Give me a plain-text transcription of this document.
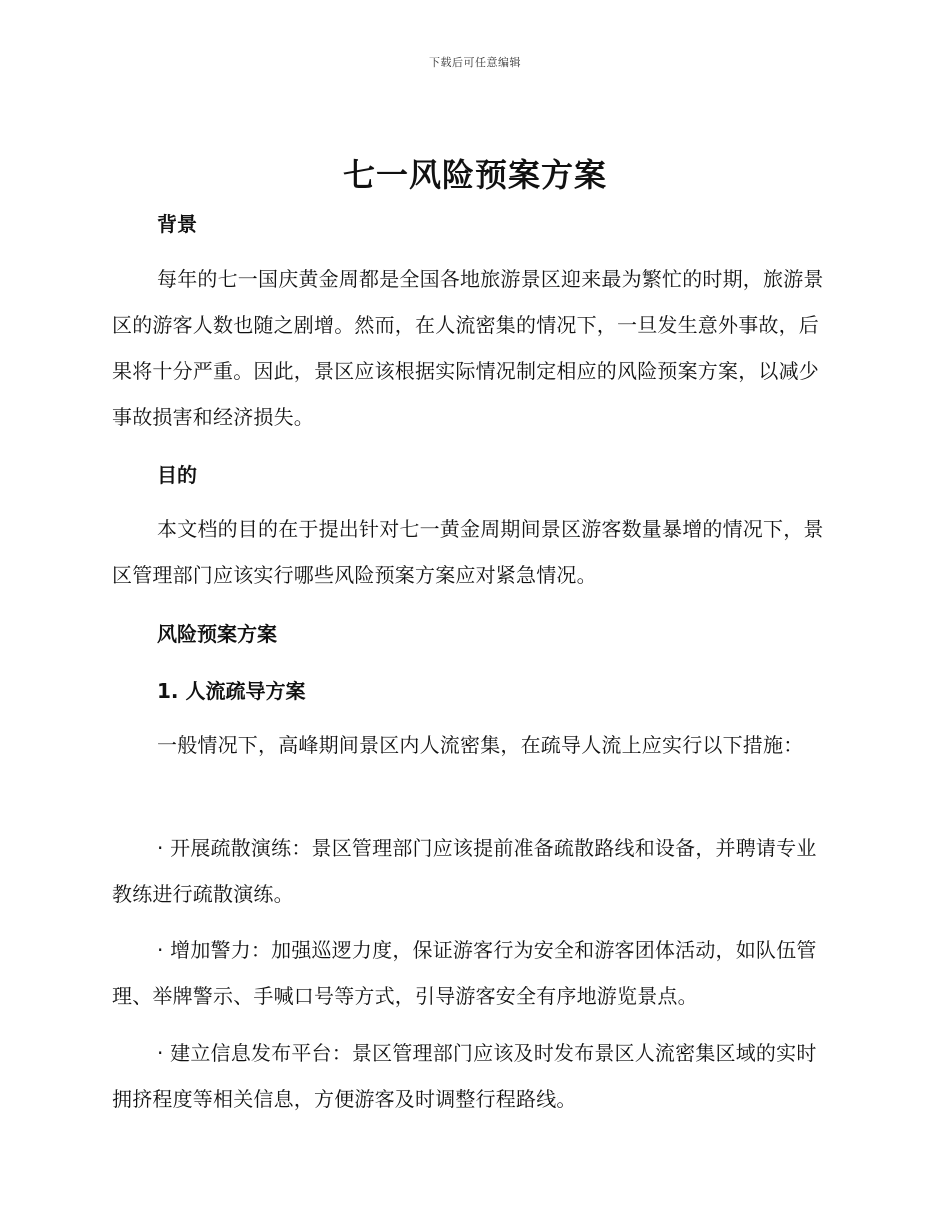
下载后可任意编辑
七一风险预案方案
背景

每年的七一国庆黄金周都是全国各地旅游景区迎来最为繁忙的时期，旅游景区的游客人数也随之剧增。然而，在人流密集的情况下，一旦发生意外事故，后果将十分严重。因此，景区应该根据实际情况制定相应的风险预案方案，以减少事故损害和经济损失。

目的

本文档的目的在于提出针对七一黄金周期间景区游客数量暴增的情况下，景区管理部门应该实行哪些风险预案方案应对紧急情况。

风险预案方案
1. 人流疏导方案

一般情况下，高峰期间景区内人流密集，在疏导人流上应实行以下措施：

· 开展疏散演练：景区管理部门应该提前准备疏散路线和设备，并聘请专业教练进行疏散演练。

· 增加警力：加强巡逻力度，保证游客行为安全和游客团体活动，如队伍管理、举牌警示、手喊口号等方式，引导游客安全有序地游览景点。

· 建立信息发布平台：景区管理部门应该及时发布景区人流密集区域的实时拥挤程度等相关信息，方便游客及时调整行程路线。
